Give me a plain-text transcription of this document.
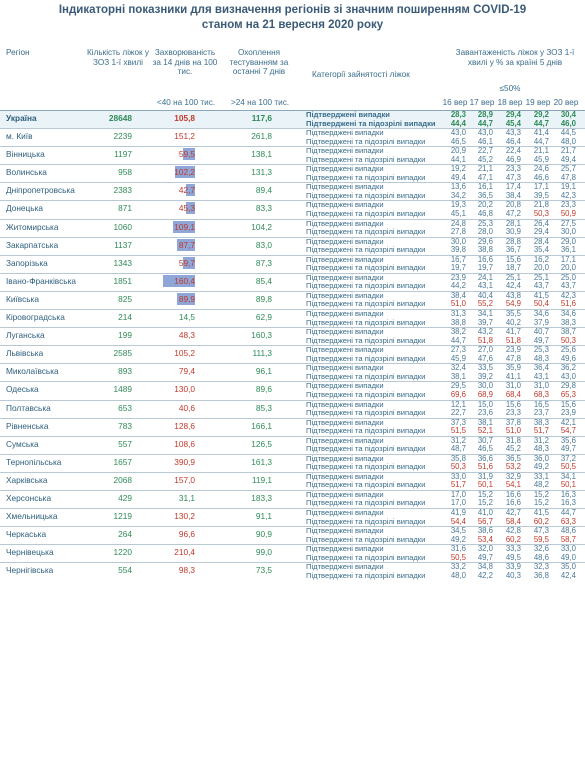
Індикаторні показники для визначення регіонів зі значним поширенням COVID-19
станом на 21 вересня 2020 року
Регіон	Кількість ліжок у ЗОЗ 1-ї хвилі
Захворюваність за 14 днів на 100 тис.
Охоплення тестуванням за останні 7 днів	Категорії зайнятості ліжок
Завантаженість ліжок у ЗОЗ 1-ї хвилі у % за країні 5 днів
<40 на 100 тис.	>24 на 100 тис.
≤50%
16 вер 17 вер 18 вер 19 вер 20 вер
Україна	28648	105,8	117,6	Підтверджені випадки
Підтверджені та підозрілі випадки
28,3	28,9	29,4	29,2	30,4
44,4	44,7	45,4	44,7	46,0
м. Київ	2239	151,2	261,8	Підтверджені випадки
Підтверджені та підозрілі випадки
43,0	43,0	43,3	41,4	44,5
46,5	46,1	46,4	44,7	48,0
Вінницька	1197	59,5	138,1	Підтверджені випадки
Підтверджені та підозрілі випадки
20,9	22,7	22,4	21,1	21,7
44,1	45,2	46,9	45,9	49,4
Волинська	958	102,2	131,3	Підтверджені випадки
Підтверджені та підозрілі випадки
19,2	21,1	23,3	24,6	25,7
49,4	47,1	47,3	46,6	47,8
Дніпропетровська	2383	42,7	89,4	Підтверджені випадки
Підтверджені та підозрілі випадки
13,6	16,1	17,4	17,1	19,1
34,2	36,5	38,4	39,5	42,3
Донецька	871	45,3	83,3	Підтверджені випадки
Підтверджені та підозрілі випадки
19,3	20,2	20,8	21,8	23,3
45,1	46,8	47,2	50,3	50,9
Житомирська	1060	109,1	104,2	Підтверджені випадки
Підтверджені та підозрілі випадки
24,8	25,3	28,1	26,4	27,5
27,8	28,0	30,9	29,4	30,0
Закарпатська	1137	87,7	83,0	Підтверджені випадки
Підтверджені та підозрілі випадки
30,0	29,6	28,8	28,4	29,0
39,8	38,8	36,7	35,4	36,1
Запорізька	1343	59,7	87,3	Підтверджені випадки
Підтверджені та підозрілі випадки
16,7	16,6	15,6	16,2	17,1
19,7	19,7	18,7	20,0	20,0
Івано-Франківська	1851	160,4	85,4	Підтверджені випадки
Підтверджені та підозрілі випадки
23,9	24,1	25,1	25,1	25,0
44,2	43,1	42,4	43,7	43,7
Київська	825	89,9	89,8	Підтверджені випадки
Підтверджені та підозрілі випадки
38,4	40,4	43,8	41,5	42,3
51,0	55,2	54,9	50,4	51,6
Кіровоградська	214	14,5	62,9	Підтверджені випадки
Підтверджені та підозрілі випадки
31,3	34,1	35,5	34,6	34,6
38,8	39,7	40,2	37,9	38,3
Луганська	199	48,3	160,3	Підтверджені випадки
Підтверджені та підозрілі випадки
38,2	43,2	41,7	40,7	38,7
44,7	51,8	51,8	49,7	50,3
Львівська	2585	105,2	111,3	Підтверджені випадки
Підтверджені та підозрілі випадки
27,3	27,0	23,9	25,3	25,6
45,9	47,6	47,8	48,3	49,6
Миколаївська	893	79,4	96,1	Підтверджені випадки
Підтверджені та підозрілі випадки
32,4	33,5	35,9	36,4	36,2
38,1	39,2	41,1	43,1	43,0
Одеська	1489	130,0	89,6	Підтверджені випадки
Підтверджені та підозрілі випадки
29,5	30,0	31,0	31,0	29,8
69,6	68,9	68,4	68,3	65,3
Полтавська	653	40,6	85,3	Підтверджені випадки
Підтверджені та підозрілі випадки
12,1	15,0	15,6	16,5	15,6
22,7	23,6	23,3	23,7	23,9
Рівненська	783	128,6	166,1	Підтверджені випадки
Підтверджені та підозрілі випадки
37,3	38,1	37,8	38,3	42,1
51,5	52,1	51,0	51,7	54,7
Сумська	557	108,6	126,5	Підтверджені випадки
Підтверджені та підозрілі випадки
31,2	30,7	31,8	31,2	35,6
48,7	46,5	45,2	48,3	49,7
Тернопільська	1657	390,9	161,3	Підтверджені випадки
Підтверджені та підозрілі випадки
35,8	36,6	36,5	36,0	37,2
50,3	51,6	53,2	49,2	50,5
Харківська	2068	157,0	119,1	Підтверджені випадки
Підтверджені та підозрілі випадки
33,0	31,9	32,9	33,1	34,1
51,7	50,1	54,1	48,2	50,1
Херсонська	429	31,1	183,3	Підтверджені випадки
Підтверджені та підозрілі випадки
17,0	15,2	16,6	15,2	16,3
17,0	15,2	16,6	15,2	16,3
Хмельницька	1219	130,2	91,1	Підтверджені випадки
Підтверджені та підозрілі випадки
41,9	41,0	42,7	41,5	44,7
54,4	56,7	58,4	60,2	63,3
Черкаська	264	96,6	90,9	Підтверджені випадки
Підтверджені та підозрілі випадки
34,5	38,6	42,8	47,3	48,6
49,2	53,4	60,2	59,5	58,7
Чернівецька	1220	210,4	99,0	Підтверджені випадки
Підтверджені та підозрілі випадки
31,6	32,0	33,3	32,6	33,0
50,5	49,7	49,5	48,6	49,0
Чернігівська	554	98,3	73,5	Підтверджені випадки
Підтверджені та підозрілі випадки
33,2	34,8	33,9	32,3	35,0
48,0	42,2	40,3	36,8	42,4
